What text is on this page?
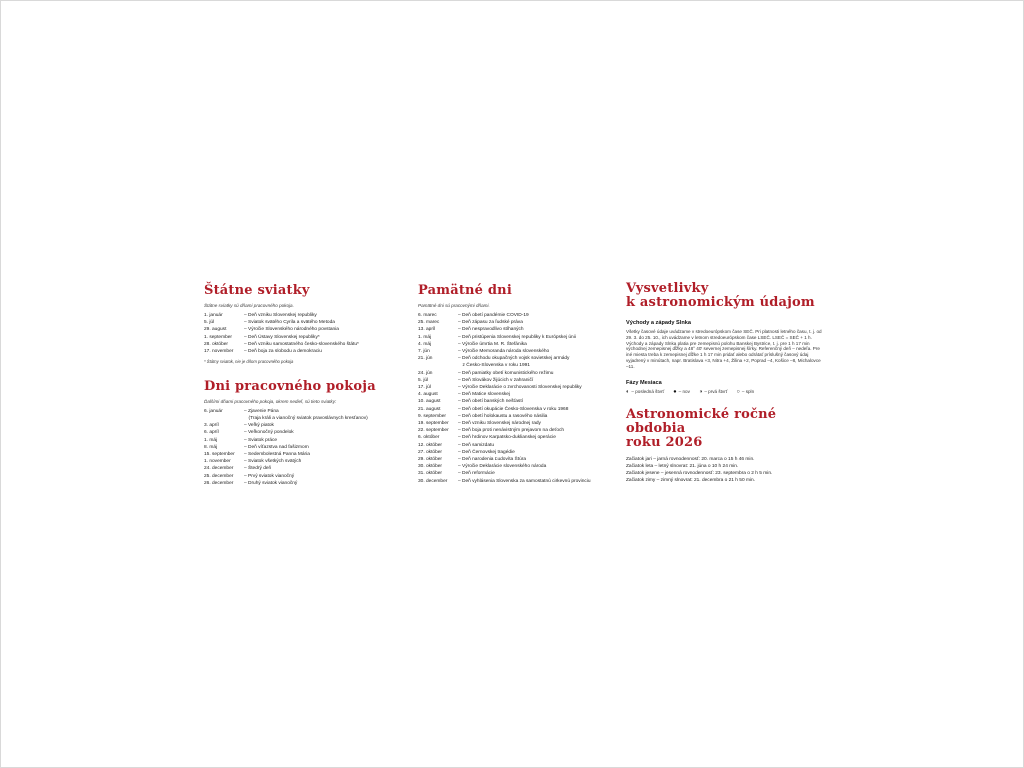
Štátne sviatky

Štátne sviatky sú dňami pracovného pokoja.

1. január	– Deň vzniku Slovenskej republiky
5. júl	– Sviatok svätého Cyrila a svätého Metoda
29. august	– Výročie Slovenského národného povstania
1. september	– Deň Ústavy Slovenskej republiky*
28. október	– Deň vzniku samostatného česko-slovenského štátu*
17. november	– Deň boja za slobodu a demokraciu

* Štátny sviatok, nie je dňom pracovného pokoja

Dni pracovného pokoja

Ďalšími dňami pracovného pokoja, okrem nedieľ, sú tieto sviatky:

6. január	– Zjavenie Pána
(Traja králi a vianočný sviatok pravoslávnych kresťanov)
3. apríl	– Veľký piatok
6. apríl	– Veľkonočný pondelok
1. máj	– Sviatok práce
8. máj	– Deň víťazstva nad fašizmom
15. september	– Sedembolestná Panna Mária
1. november	– Sviatok všetkých svätých
24. december	– Štedrý deň
25. december	– Prvý sviatok vianočný
26. december	– Druhý sviatok vianočný
Pamätné dni

Pamätné dni sú pracovnými dňami.

6. marec	– Deň obetí pandémie COVID-19
25. marec	– Deň zápasu za ľudské práva
13. apríl	– Deň nespravodlivo stíhaných
1. máj	– Deň pristúpenia Slovenskej republiky k Európskej únii
4. máj	– Výročie úmrtia M. R. Štefánika
7. jún	– Výročie Memoranda národa slovenského
21. jún	– Deň odchodu okupačných vojsk sovietskej armády
z Česko-Slovenska v roku 1991
24. jún	– Deň pamiatky obetí komunistického režimu
5. júl	– Deň Slovákov žijúcich v zahraničí
17. júl	– Výročie Deklarácie o zvrchovanosti Slovenskej republiky
4. august	– Deň Matice slovenskej
10. august	– Deň obetí banských nešťastí
21. august	– Deň obetí okupácie Česko-Slovenska v roku 1968
9. september	– Deň obetí holokaustu a rasového násilia
19. september	– Deň vzniku Slovenskej národnej rady
22. september	– Deň boja proti nenávistným prejavom na deťoch
6. október	– Deň hrdinov Karpatsko-duklianskej operácie
12. október	– Deň samizdatu
27. október	– Deň Černovskej tragédie
29. október	– Deň narodenia Ľudovíta Štúra
30. október	– Výročie Deklarácie slovenského národa
31. október	– Deň reformácie
30. december	– Deň vyhlásenia Slovenska za samostatnú cirkevnú provinciu
Vysvetlivky
k astronomickým údajom

Východy a západy Slnka

Všetky časové údaje uvádzame v stredoeurópskom čase SEČ. Pri platnosti letného času, t. j. od 29. 3. do 25. 10., ich uvádzame v letnom stredoeurópskom čase LSEČ. LSEČ = SEČ + 1 h.

Východy a západy Slnka platia pre zemepisnú polohu Banskej Bystrice, t. j. pre 1 h 17 min východnej zemepisnej dĺžky a 48° 40' severnej zemepisnej šírky. Referenčný deň – nedeľa. Pre iné miesta treba k zemepisnej dĺžke 1 h 17 min pridať alebo odrátať príslušný časový údaj vyjadrený v minútach, napr. Bratislava +3, Nitra +4, Žilina +2, Poprad –4, Košice –8, Michalovce –11.

Fázy Mesiaca

◐ – posledná štvrť ● – nov ◑ – prvá štvrť ○ – spln
Astronomické ročné obdobia
roku 2026
Začiatok jari – jarná rovnodennosť: 20. marca o 15 h 46 min.
Začiatok leta – letný slnovrat: 21. júna o 10 h 24 min.
Začiatok jesene – jesenná rovnodennosť: 23. septembra o 2 h 5 min.
Začiatok zimy – zimný slnovrat: 21. decembra o 21 h 50 min.
